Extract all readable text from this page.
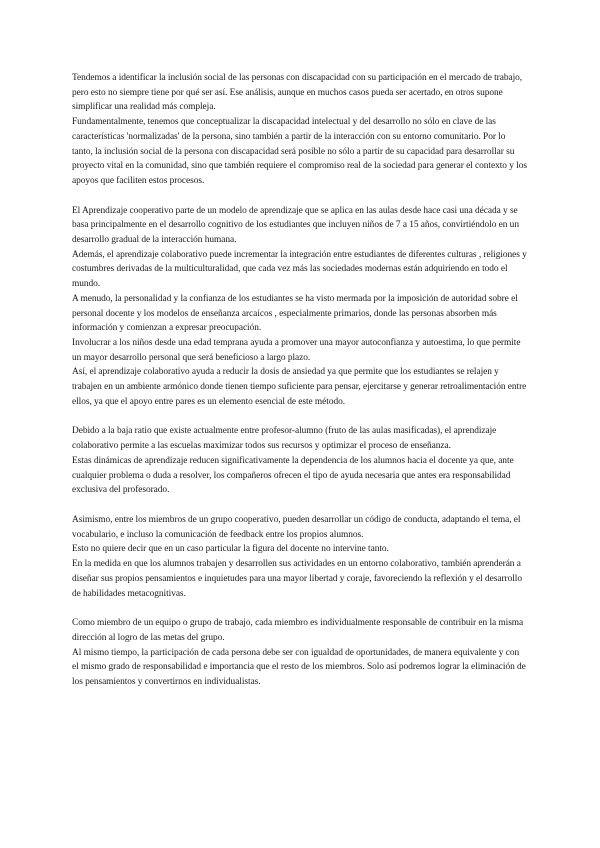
Tendemos a identificar la inclusión social de las personas con discapacidad con su participación en el mercado de trabajo, pero esto no siempre tiene por qué ser así. Ese análisis, aunque en muchos casos pueda ser acertado, en otros supone simplificar una realidad más compleja.

Fundamentalmente, tenemos que conceptualizar la discapacidad intelectual y del desarrollo no sólo en clave de las características 'normalizadas' de la persona, sino también a partir de la interacción con su entorno comunitario. Por lo tanto, la inclusión social de la persona con discapacidad será posible no sólo a partir de su capacidad para desarrollar su proyecto vital en la comunidad, sino que también requiere el compromiso real de la sociedad para generar el contexto y los apoyos que faciliten estos procesos.

El Aprendizaje cooperativo parte de un modelo de aprendizaje que se aplica en las aulas desde hace casi una década y se basa principalmente en el desarrollo cognitivo de los estudiantes que incluyen niños de 7 a 15 años, convirtiéndolo en un desarrollo gradual de la interacción humana.

Además, el aprendizaje colaborativo puede incrementar la integración entre estudiantes de diferentes culturas , religiones y costumbres derivadas de la multiculturalidad, que cada vez más las sociedades modernas están adquiriendo en todo el mundo.

A menudo, la personalidad y la confianza de los estudiantes se ha visto mermada por la imposición de autoridad sobre el personal docente y los modelos de enseñanza arcaicos , especialmente primarios, donde las personas absorben más información y comienzan a expresar preocupación.

Involucrar a los niños desde una edad temprana ayuda a promover una mayor autoconfianza y autoestima, lo que permite un mayor desarrollo personal que será beneficioso a largo plazo.

Así, el aprendizaje colaborativo ayuda a reducir la dosis de ansiedad ya que permite que los estudiantes se relajen y trabajen en un ambiente armónico donde tienen tiempo suficiente para pensar, ejercitarse y generar retroalimentación entre ellos, ya que el apoyo entre pares es un elemento esencial de este método.

Debido a la baja ratio que existe actualmente entre profesor-alumno (fruto de las aulas masificadas), el aprendizaje colaborativo permite a las escuelas maximizar todos sus recursos y optimizar el proceso de enseñanza.

Estas dinámicas de aprendizaje reducen significativamente la dependencia de los alumnos hacia el docente ya que, ante cualquier problema o duda a resolver, los compañeros ofrecen el tipo de ayuda necesaria que antes era responsabilidad exclusiva del profesorado.

Asimismo, entre los miembros de un grupo cooperativo, pueden desarrollar un código de conducta, adaptando el tema, el vocabulario, e incluso la comunicación de feedback entre los propios alumnos.

Esto no quiere decir que en un caso particular la figura del docente no intervine tanto.

En la medida en que los alumnos trabajen y desarrollen sus actividades en un entorno colaborativo, también aprenderán a diseñar sus propios pensamientos e inquietudes para una mayor libertad y coraje, favoreciendo la reflexión y el desarrollo de habilidades metacognitivas.

Como miembro de un equipo o grupo de trabajo, cada miembro es individualmente responsable de contribuir en la misma dirección al logro de las metas del grupo.

Al mismo tiempo, la participación de cada persona debe ser con igualdad de oportunidades, de manera equivalente y con el mismo grado de responsabilidad e importancia que el resto de los miembros. Solo así podremos lograr la eliminación de los pensamientos y convertirnos en individualistas.
